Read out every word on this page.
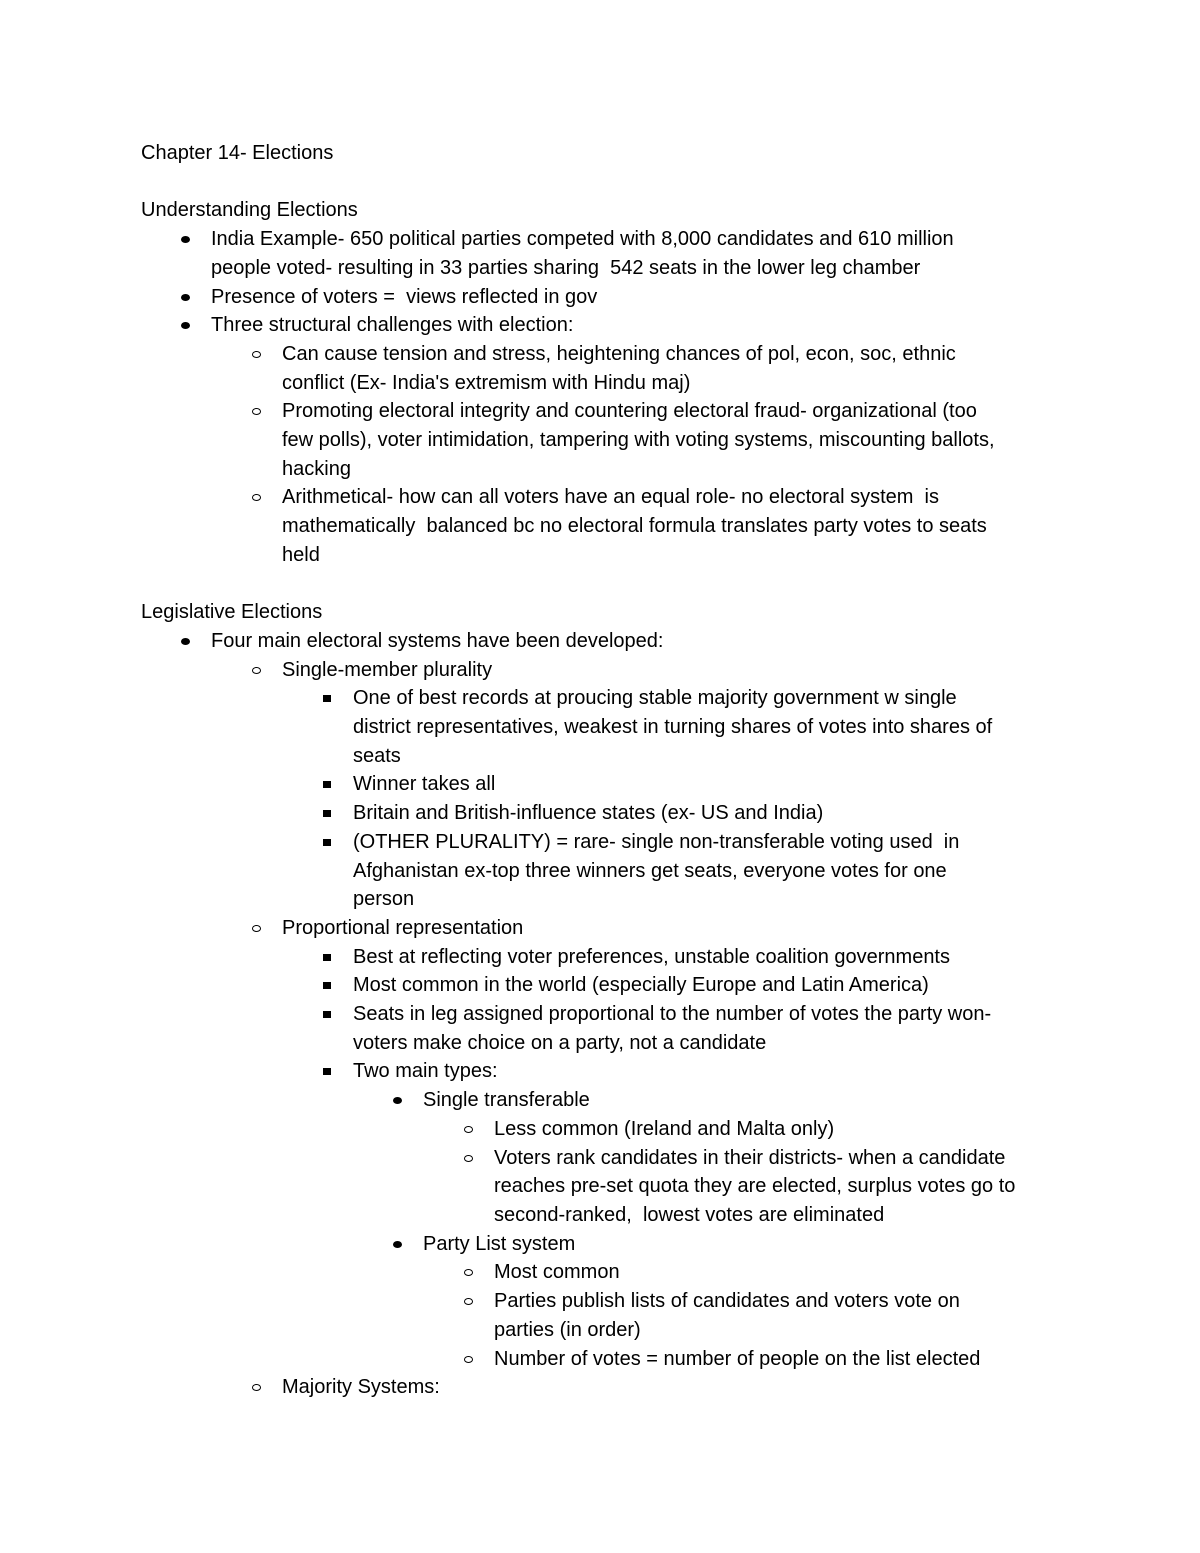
Chapter 14- Elections
Understanding Elections
India Example- 650 political parties competed with 8,000 candidates and 610 million
people voted- resulting in 33 parties sharing  542 seats in the lower leg chamber
Presence of voters =  views reflected in gov
Three structural challenges with election:
Can cause tension and stress, heightening chances of pol, econ, soc, ethnic
conflict (Ex- India's extremism with Hindu maj)
Promoting electoral integrity and countering electoral fraud- organizational (too
few polls), voter intimidation, tampering with voting systems, miscounting ballots,
hacking
Arithmetical- how can all voters have an equal role- no electoral system  is
mathematically  balanced bc no electoral formula translates party votes to seats
held
Legislative Elections
Four main electoral systems have been developed:
Single-member plurality
One of best records at proucing stable majority government w single
district representatives, weakest in turning shares of votes into shares of
seats
Winner takes all
Britain and British-influence states (ex- US and India)
(OTHER PLURALITY) = rare- single non-transferable voting used  in
Afghanistan ex-top three winners get seats, everyone votes for one
person
Proportional representation
Best at reflecting voter preferences, unstable coalition governments
Most common in the world (especially Europe and Latin America)
Seats in leg assigned proportional to the number of votes the party won-
voters make choice on a party, not a candidate
Two main types:
Single transferable
Less common (Ireland and Malta only)
Voters rank candidates in their districts- when a candidate
reaches pre-set quota they are elected, surplus votes go to
second-ranked,  lowest votes are eliminated
Party List system
Most common
Parties publish lists of candidates and voters vote on
parties (in order)
Number of votes = number of people on the list elected
Majority Systems:
